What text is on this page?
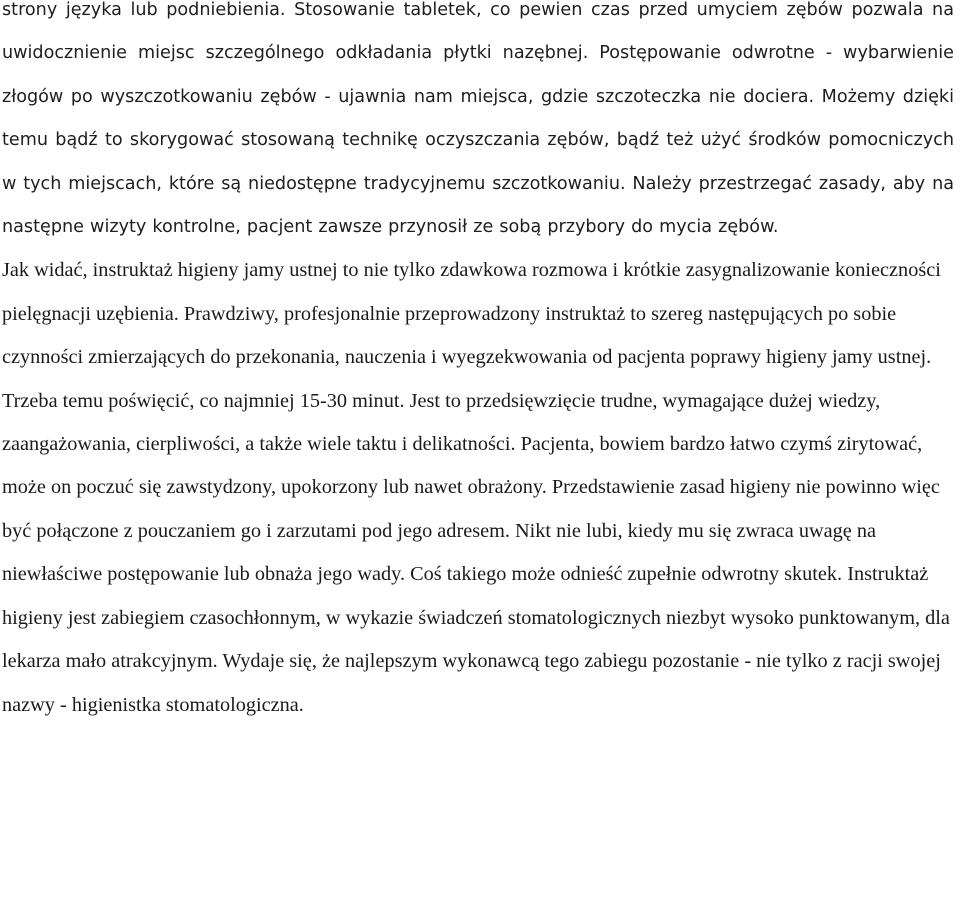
strony języka lub podniebienia. Stosowanie tabletek, co pewien czas przed umyciem zębów pozwala na uwidocznienie miejsc szczególnego odkładania płytki nazębnej. Postępowanie odwrotne - wybarwienie złogów po wyszczotkowaniu zębów - ujawnia nam miejsca, gdzie szczoteczka nie dociera. Możemy dzięki temu bądź to skorygować stosowaną technikę oczyszczania zębów, bądź też użyć środków pomocniczych w tych miejscach, które są niedostępne tradycyjnemu szczotkowaniu. Należy przestrzegać zasady, aby na następne wizyty kontrolne, pacjent zawsze przynosił ze sobą przybory do mycia zębów.

Jak widać, instruktaż higieny jamy ustnej to nie tylko zdawkowa rozmowa i krótkie zasygnalizowanie konieczności pielęgnacji uzębienia. Prawdziwy, profesjonalnie przeprowadzony instruktaż to szereg następujących po sobie czynności zmierzających do przekonania, nauczenia i wyegzekwowania od pacjenta poprawy higieny jamy ustnej. Trzeba temu poświęcić, co najmniej 15-30 minut. Jest to przedsięwzięcie trudne, wymagające dużej wiedzy, zaangażowania, cierpliwości, a także wiele taktu i delikatności. Pacjenta, bowiem bardzo łatwo czymś zirytować, może on poczuć się zawstydzony, upokorzony lub nawet obrażony. Przedstawienie zasad higieny nie powinno więc być połączone z pouczaniem go i zarzutami pod jego adresem. Nikt nie lubi, kiedy mu się zwraca uwagę na niewłaściwe postępowanie lub obnaża jego wady. Coś takiego może odnieść zupełnie odwrotny skutek. Instruktaż higieny jest zabiegiem czasochłonnym, w wykazie świadczeń stomatologicznych niezbyt wysoko punktowanym, dla lekarza mało atrakcyjnym. Wydaje się, że najlepszym wykonawcą tego zabiegu pozostanie - nie tylko z racji swojej nazwy - higienistka stomatologiczna.
